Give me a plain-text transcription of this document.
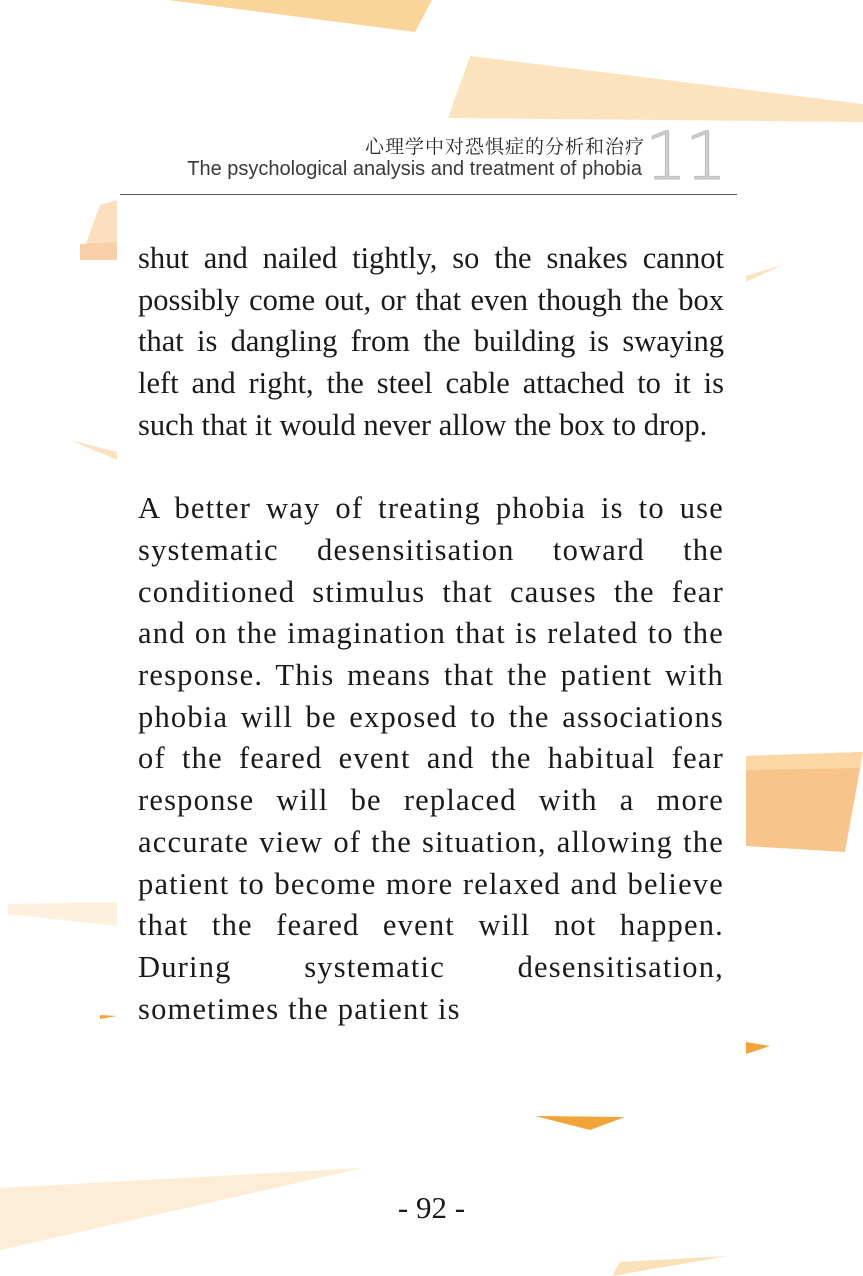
心理学中对恐惧症的分析和治疗
The psychological analysis and treatment of phobia 11

shut and nailed tightly, so the snakes cannot possibly come out, or that even though the box that is dangling from the building is swaying left and right, the steel cable attached to it is such that it would never allow the box to drop.

A better way of treating phobia is to use systematic desensitisation toward the conditioned stimulus that causes the fear and on the imagination that is related to the response. This means that the patient with phobia will be exposed to the associations of the feared event and the habitual fear response will be replaced with a more accurate view of the situation, allowing the patient to become more relaxed and believe that the feared event will not happen. During systematic desensitisation, sometimes the patient is

- 92 -
